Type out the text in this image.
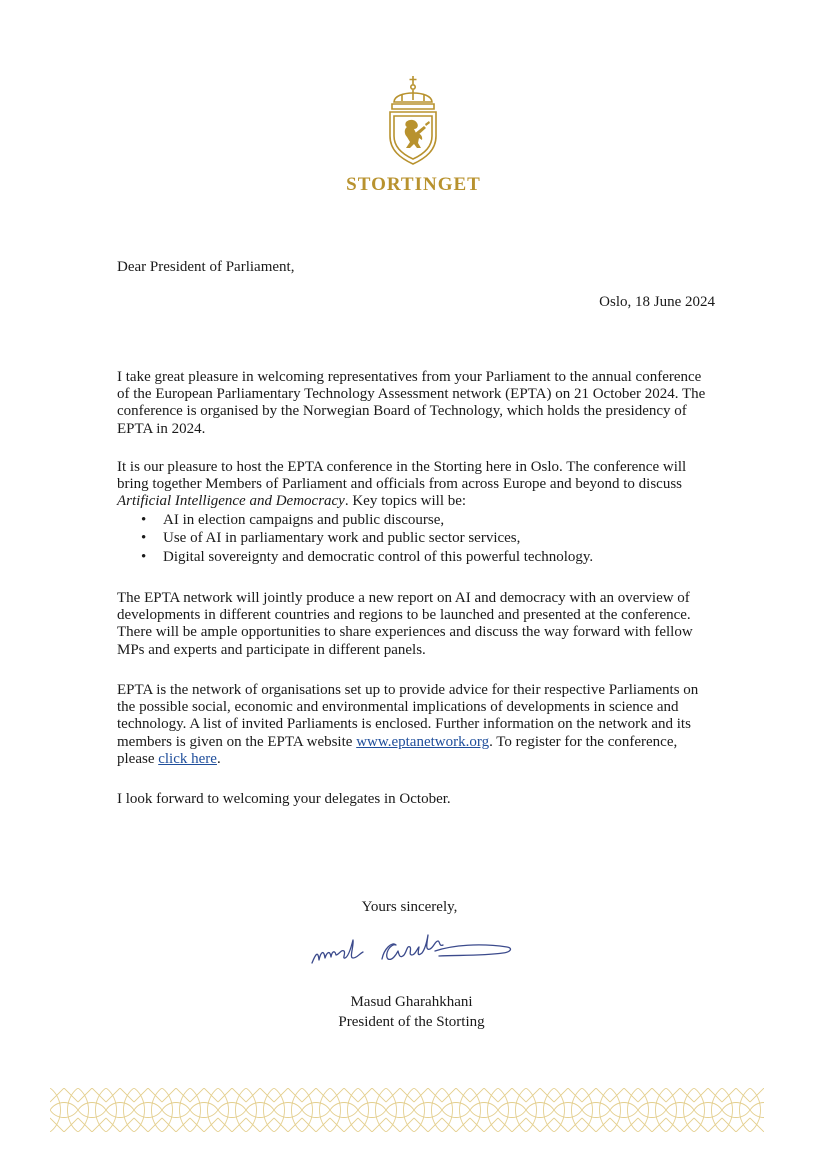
STORTINGET
Dear President of Parliament,
Oslo, 18 June 2024

I take great pleasure in welcoming representatives from your Parliament to the annual conference of the European Parliamentary Technology Assessment network (EPTA) on 21 October 2024. The conference is organised by the Norwegian Board of Technology, which holds the presidency of EPTA in 2024.

It is our pleasure to host the EPTA conference in the Storting here in Oslo. The conference will bring together Members of Parliament and officials from across Europe and beyond to discuss Artificial Intelligence and Democracy. Key topics will be:

• AI in election campaigns and public discourse,
• Use of AI in parliamentary work and public sector services,
• Digital sovereignty and democratic control of this powerful technology.

The EPTA network will jointly produce a new report on AI and democracy with an overview of developments in different countries and regions to be launched and presented at the conference. There will be ample opportunities to share experiences and discuss the way forward with fellow MPs and experts and participate in different panels.

EPTA is the network of organisations set up to provide advice for their respective Parliaments on the possible social, economic and environmental implications of developments in science and technology. A list of invited Parliaments is enclosed. Further information on the network and its members is given on the EPTA website www.eptanetwork.org. To register for the conference, please click here.

I look forward to welcoming your delegates in October.

Yours sincerely,
Masud Gharahkhani
President of the Storting
